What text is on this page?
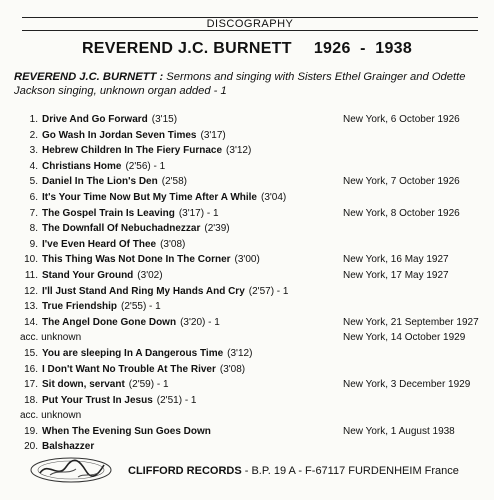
DISCOGRAPHY
REVEREND J.C. BURNETT 1926  -  1938
REVEREND J.C. BURNETT : Sermons and singing with Sisters Ethel Grainger and Odette Jackson singing, unknown organ added - 1
1. Drive And Go Forward (3'15)	New York, 6 October 1926
2. Go Wash In Jordan Seven Times (3'17)
3. Hebrew Children In The Fiery Furnace (3'12)
4. Christians Home (2'56) - 1
5. Daniel In The Lion's Den (2'58)	New York, 7 October 1926
6. It's Your Time Now But My Time After A While (3'04)
7. The Gospel Train Is Leaving (3'17) - 1	New York, 8 October 1926
8. The Downfall Of Nebuchadnezzar (2'39)
9. I've Even Heard Of Thee (3'08)
10. This Thing Was Not Done In The Corner (3'00)	New York, 16 May 1927
11. Stand Your Ground (3'02)	New York, 17 May 1927
12. I'll Just Stand And Ring My Hands And Cry (2'57) - 1
13. True Friendship (2'55) - 1
14. The Angel Done Gone Down (3'20) - 1	New York, 21 September 1927
acc. unknown	New York, 14 October 1929
15. You are sleeping In A Dangerous Time (3'12)
16. I Don't Want No Trouble At The River (3'08)
17. Sit down, servant (2'59) - 1	New York, 3 December 1929
18. Put Your Trust In Jesus (2'51) - 1
acc. unknown
19. When The Evening Sun Goes Down	New York, 1 August 1938
20. Balshazzer
CLIFFORD RECORDS - B.P. 19 A - F-67117 FURDENHEIM France
